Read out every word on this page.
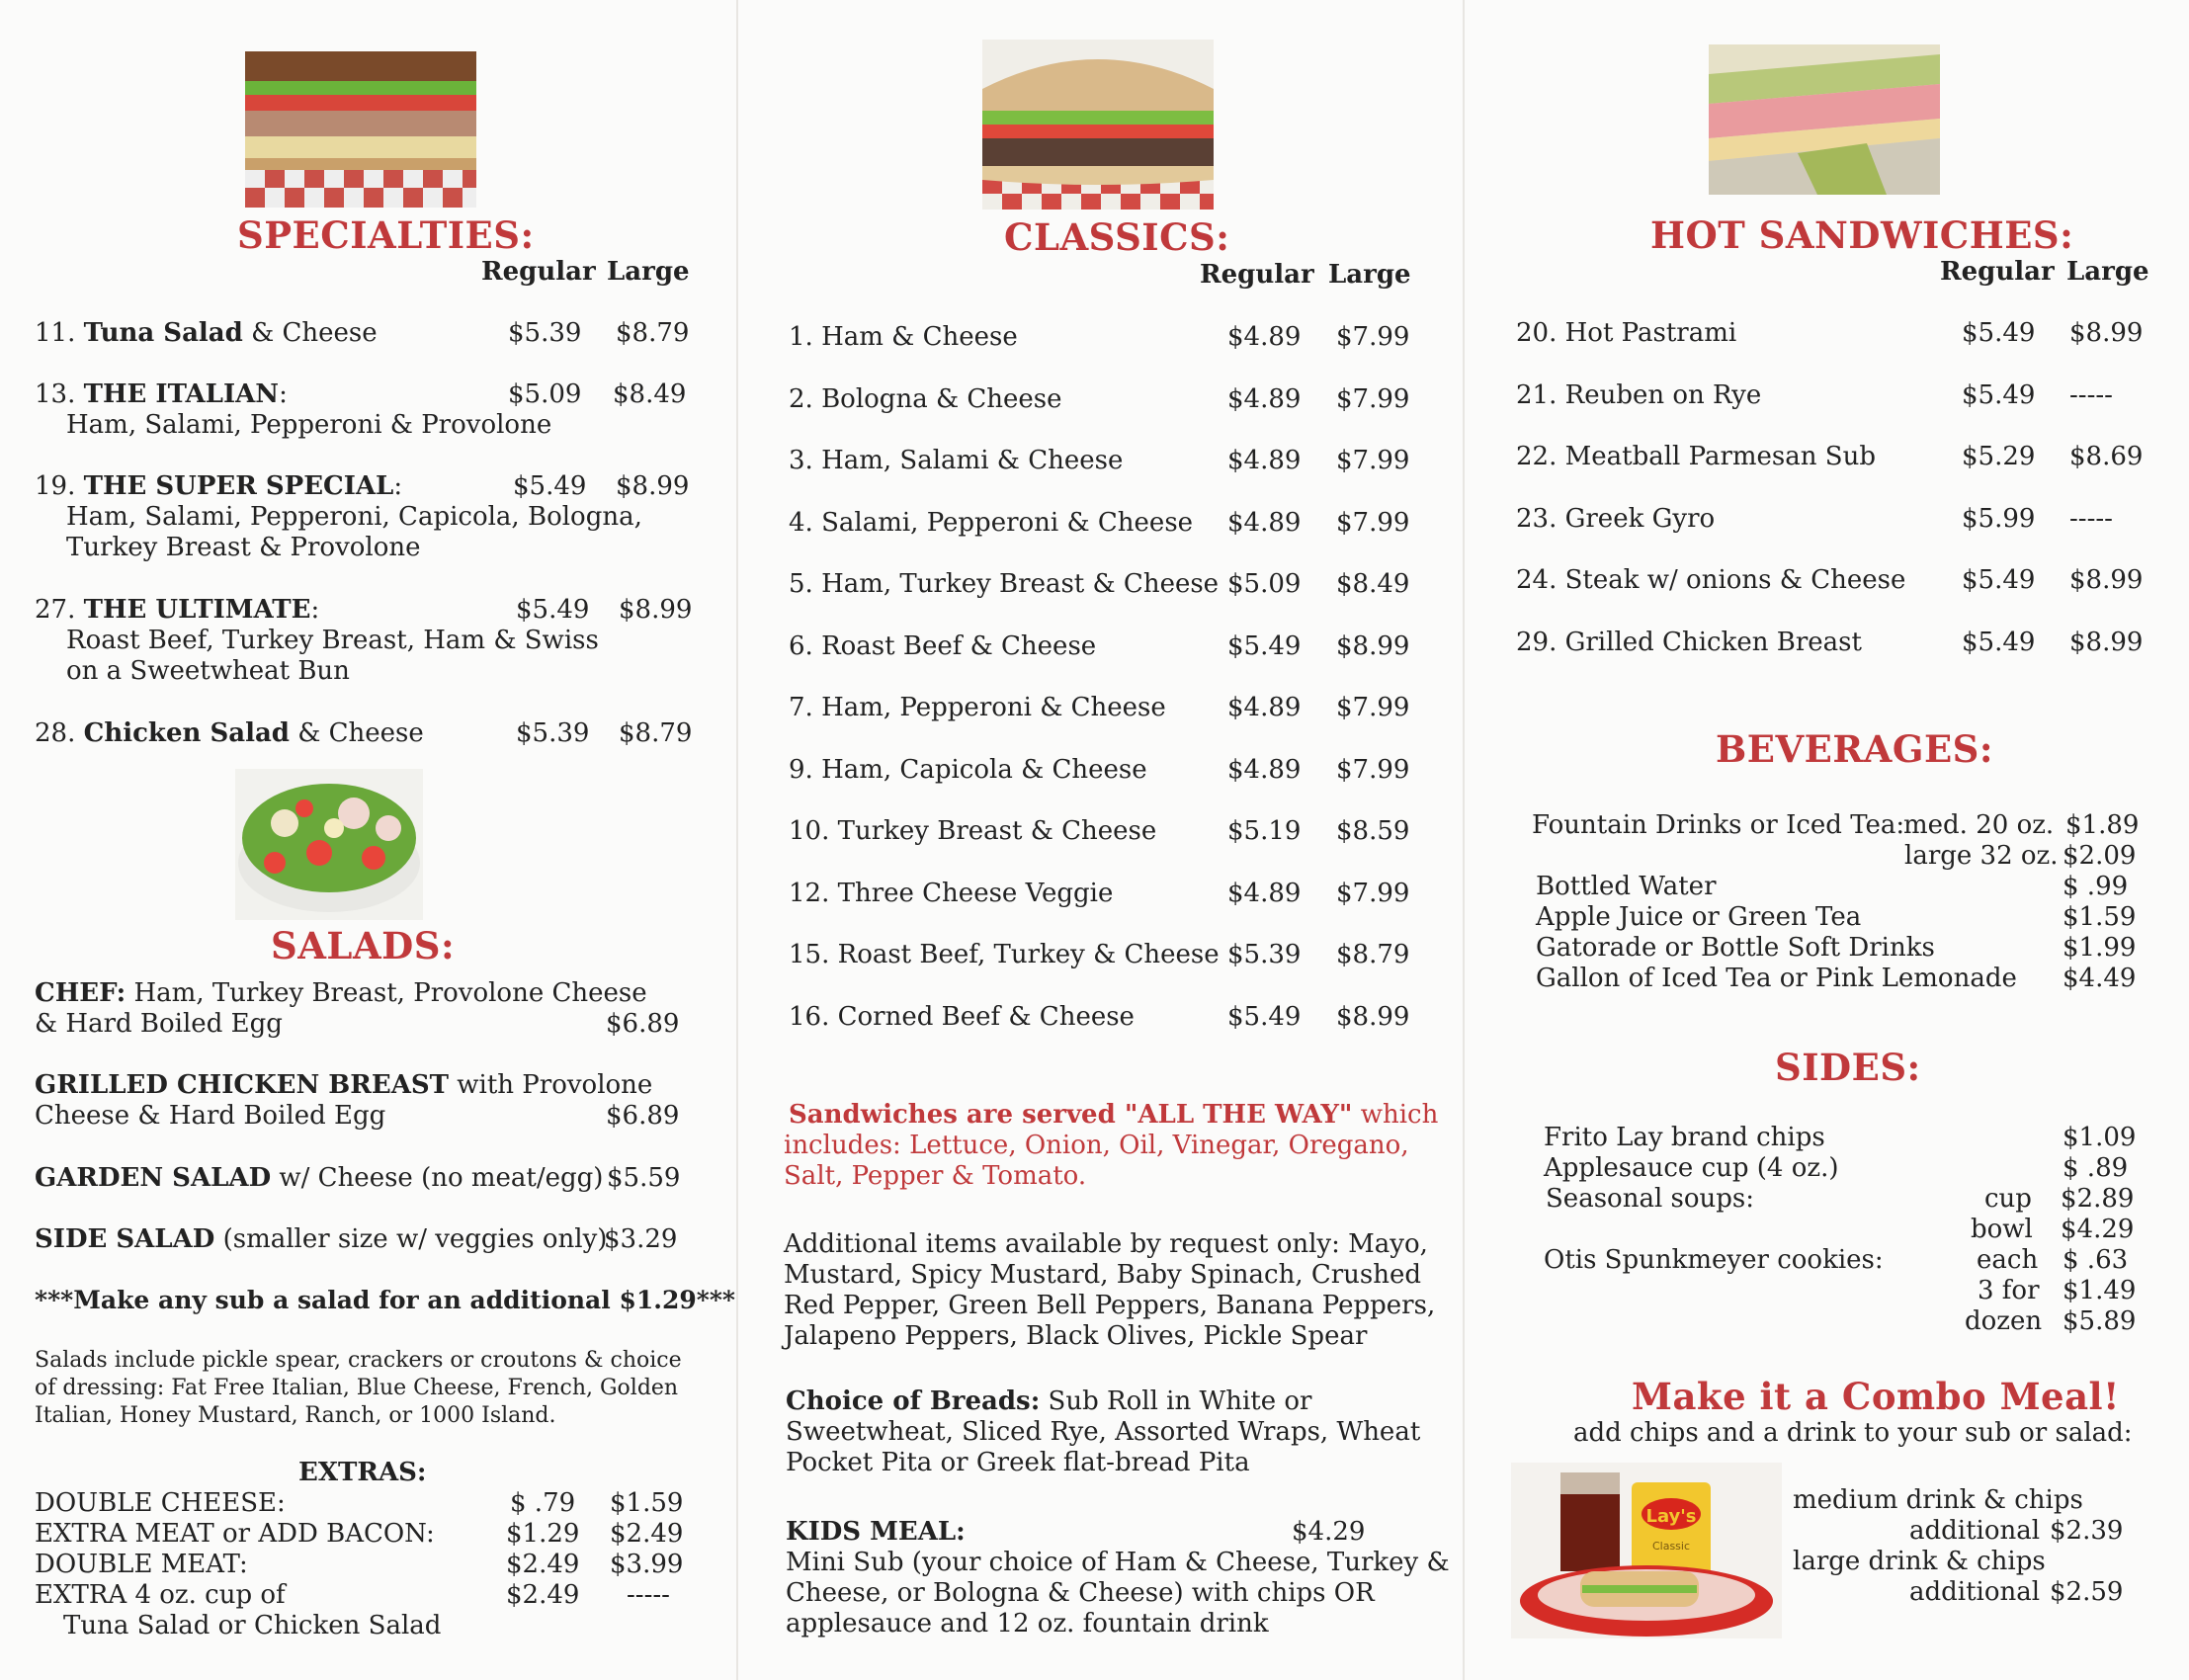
SPECIALTIES:
Regular Large
11. Tuna Salad & Cheese	$5.39 $8.79
13. THE ITALIAN:
Ham, Salami, Pepperoni & Provolone
$5.09 $8.49
19. THE SUPER SPECIAL:
Ham, Salami, Pepperoni, Capicola, Bologna,
Turkey Breast & Provolone
$5.49 $8.99
27. THE ULTIMATE:
Roast Beef, Turkey Breast, Ham & Swiss
on a Sweetwheat Bun
$5.49 $8.99
28. Chicken Salad & Cheese	$5.39 $8.79
SALADS:
CHEF: Ham, Turkey Breast, Provolone Cheese
& Hard Boiled Egg	$6.89
GRILLED CHICKEN BREAST with Provolone
Cheese & Hard Boiled Egg	$6.89
GARDEN SALAD w/ Cheese (no meat/egg) $5.59
SIDE SALAD (smaller size w/ veggies only)
$3.29
***Make any sub a salad for an additional $1.29***
Salads include pickle spear, crackers or croutons & choice
of dressing: Fat Free Italian, Blue Cheese, French, Golden
Italian, Honey Mustard, Ranch, or 1000 Island.
EXTRAS:
DOUBLE CHEESE:	$ .79 $1.59
EXTRA MEAT or ADD BACON:	$1.29 $2.49
DOUBLE MEAT:	$2.49 $3.99
EXTRA 4 oz. cup of	$2.49 -----
Tuna Salad or Chicken Salad
CLASSICS:
Regular Large
1. Ham & Cheese	$4.89 $7.99
2. Bologna & Cheese	$4.89 $7.99
3. Ham, Salami & Cheese	$4.89 $7.99
4. Salami, Pepperoni & Cheese $4.89 $7.99
5. Ham, Turkey Breast & Cheese $5.09 $8.49
6. Roast Beef & Cheese	$5.49 $8.99
7. Ham, Pepperoni & Cheese $4.89 $7.99
9. Ham, Capicola & Cheese	$4.89 $7.99
10. Turkey Breast & Cheese	$5.19 $8.59
12. Three Cheese Veggie	$4.89 $7.99
15. Roast Beef, Turkey & Cheese $5.39 $8.79
16. Corned Beef & Cheese	$5.49 $8.99
Sandwiches are served "ALL THE WAY" which
includes: Lettuce, Onion, Oil, Vinegar, Oregano,
Salt, Pepper & Tomato.
Additional items available by request only: Mayo,
Mustard, Spicy Mustard, Baby Spinach, Crushed
Red Pepper, Green Bell Peppers, Banana Peppers,
Jalapeno Peppers, Black Olives, Pickle Spear
Choice of Breads: Sub Roll in White or
Sweetwheat, Sliced Rye, Assorted Wraps, Wheat
Pocket Pita or Greek flat-bread Pita
KIDS MEAL:	$4.29
Mini Sub (your choice of Ham & Cheese, Turkey &
Cheese, or Bologna & Cheese) with chips OR
applesauce and 12 oz. fountain drink
HOT SANDWICHES:
Regular Large
20. Hot Pastrami	$5.49 $8.99
21. Reuben on Rye	$5.49 -----
22. Meatball Parmesan Sub	$5.29 $8.69
23. Greek Gyro	$5.99 -----
24. Steak w/ onions & Cheese $5.49 $8.99
29. Grilled Chicken Breast	$5.49 $8.99
BEVERAGES:
Fountain Drinks or Iced Tea:
med. 20 oz. $1.89
large 32 oz. $2.09
Bottled Water	$ .99
Apple Juice or Green Tea	$1.59
Gatorade or Bottle Soft Drinks	$1.99
Gallon of Iced Tea or Pink Lemonade $4.49
SIDES:
Frito Lay brand chips	$1.09
Applesauce cup (4 oz.)	$ .89
Seasonal soups:	cup $2.89
bowl $4.29
Otis Spunkmeyer cookies:	each $ .63
3 for $1.49
dozen $5.89
Make it a Combo Meal!
add chips and a drink to your sub or salad:
Lay's
Classic
medium drink & chips
additional $2.39
large drink & chips
additional $2.59
